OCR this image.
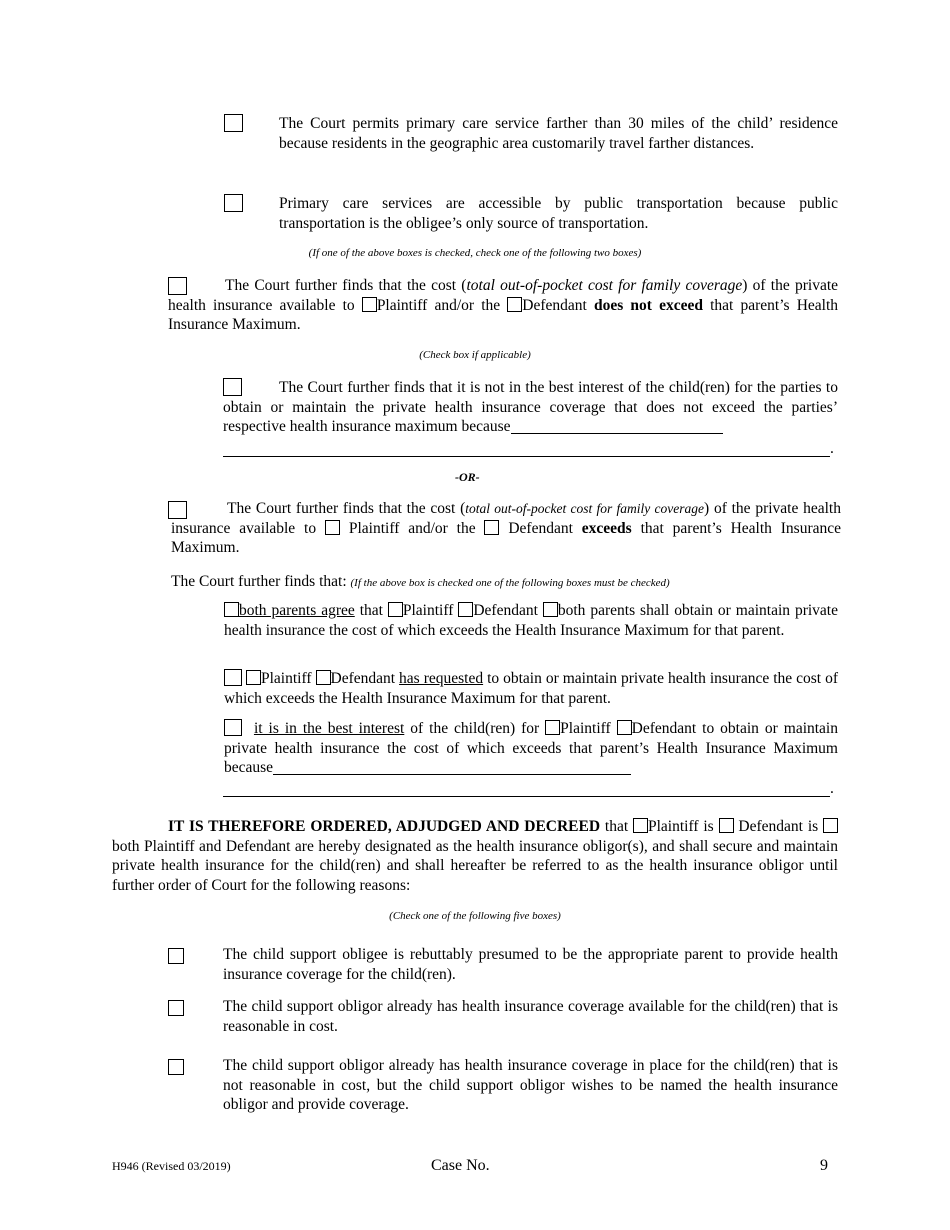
The Court permits primary care service farther than 30 miles of the child’ residence because residents in the geographic area customarily travel farther distances.
Primary care services are accessible by public transportation because public transportation is the obligee’s only source of transportation.
(If one of the above boxes is checked, check one of the following two boxes)
The Court further finds that the cost (total out-of-pocket cost for family coverage) of the private health insurance available to Plaintiff and/or the Defendant does not exceed that parent’s Health Insurance Maximum.
(Check box if applicable)
The Court further finds that it is not in the best interest of the child(ren) for the parties to obtain or maintain the private health insurance coverage that does not exceed the parties’ respective health insurance maximum because
.
-OR-
The Court further finds that the cost (total out-of-pocket cost for family coverage) of the private health insurance available to  Plaintiff and/or the  Defendant exceeds that parent’s Health Insurance Maximum.
The Court further finds that: (If the above box is checked one of the following boxes must be checked)
both parents agree that Plaintiff Defendant both parents shall obtain or maintain private health insurance the cost of which exceeds the Health Insurance Maximum for that parent.
Plaintiff Defendant has requested to obtain or maintain private health insurance the cost of which exceeds the Health Insurance Maximum for that parent.
it is in the best interest of the child(ren) for Plaintiff Defendant to obtain or maintain private health insurance the cost of which exceeds that parent’s Health Insurance Maximum because
.
IT IS THEREFORE ORDERED, ADJUDGED AND DECREED that Plaintiff is  Defendant is both Plaintiff and Defendant are hereby designated as the health insurance obligor(s), and shall secure and maintain private health insurance for the child(ren) and shall hereafter be referred to as the health insurance obligor until further order of Court for the following reasons:
(Check one of the following five boxes)
The child support obligee is rebuttably presumed to be the appropriate parent to provide health insurance coverage for the child(ren).
The child support obligor already has health insurance coverage available for the child(ren) that is reasonable in cost.
The child support obligor already has health insurance coverage in place for the child(ren) that is not reasonable in cost, but the child support obligor wishes to be named the health insurance obligor and provide coverage.
H946 (Revised 03/2019)	Case No.	9
